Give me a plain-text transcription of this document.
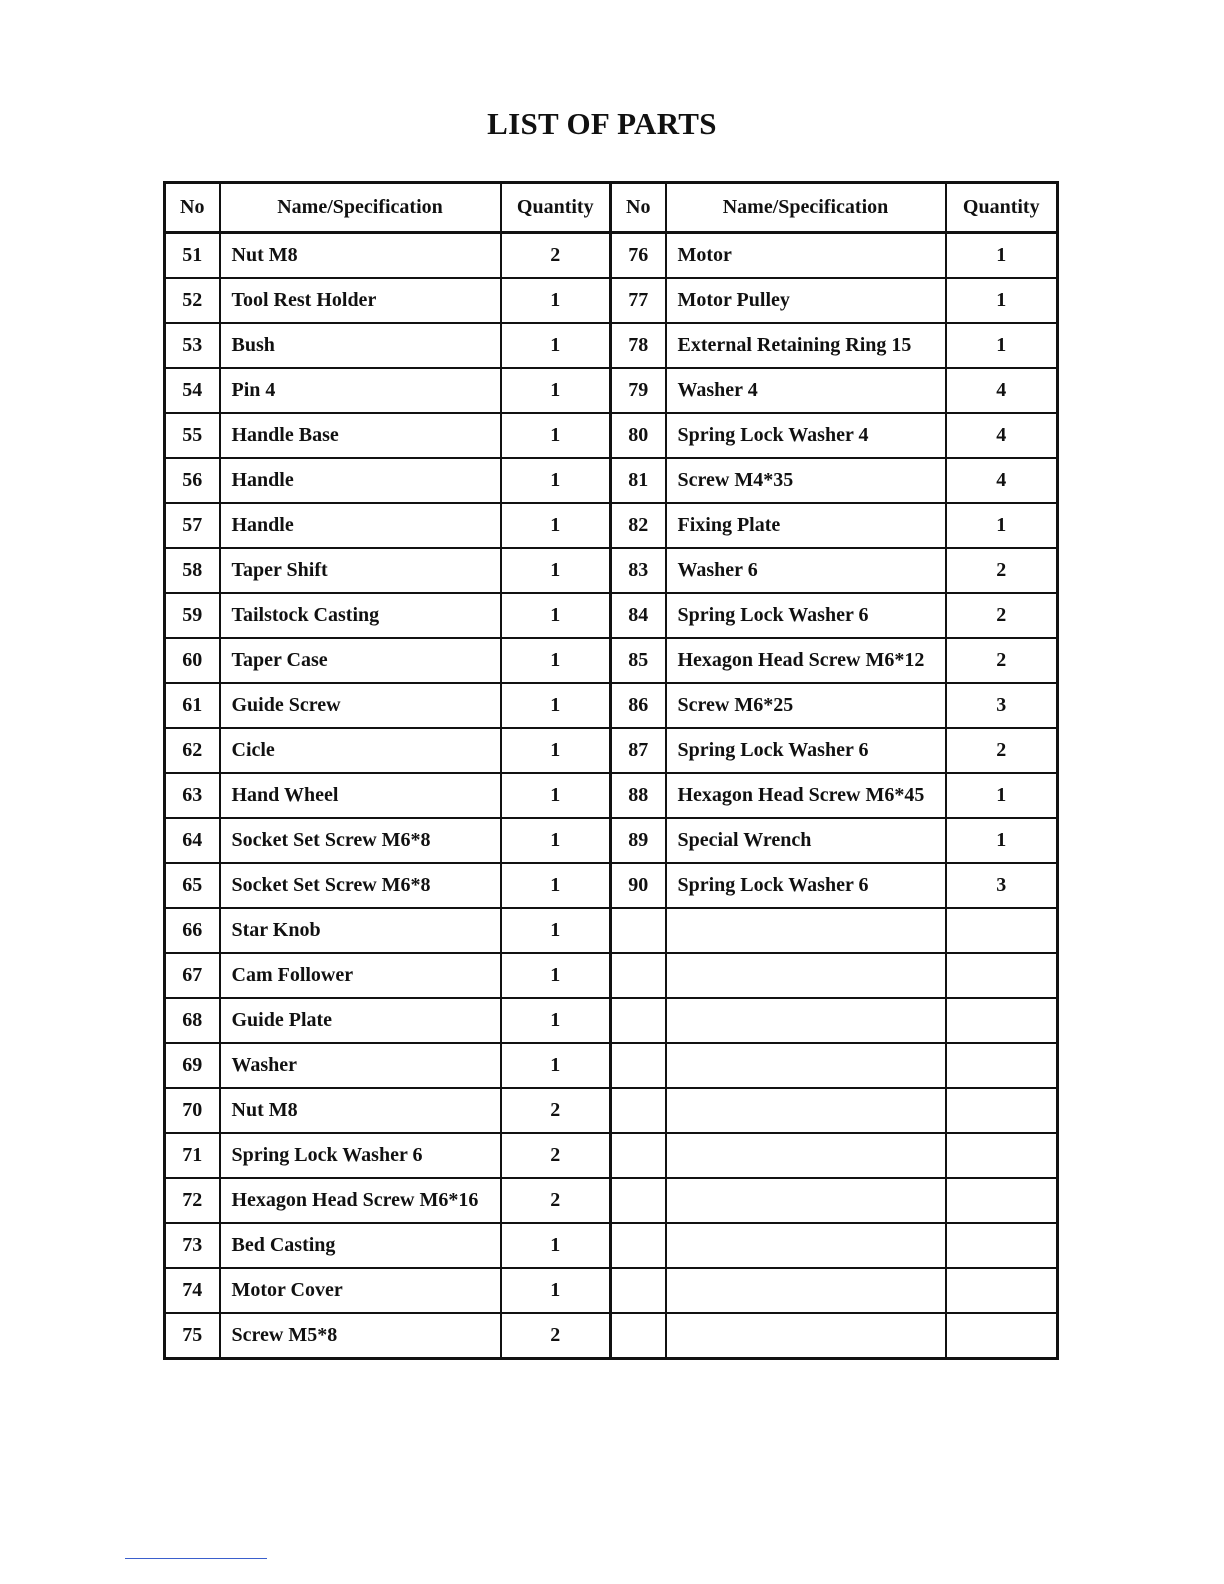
LIST OF PARTS
No	Name/Specification	Quantity	No	Name/Specification	Quantity
51	Nut M8	2	76	Motor	1
52	Tool Rest Holder	1	77	Motor Pulley	1
53	Bush	1	78	External Retaining Ring 15	1
54	Pin 4	1	79	Washer 4	4
55	Handle Base	1	80	Spring Lock Washer 4	4
56	Handle	1	81	Screw M4*35	4
57	Handle	1	82	Fixing Plate	1
58	Taper Shift	1	83	Washer 6	2
59	Tailstock Casting	1	84	Spring Lock Washer 6	2
60	Taper Case	1	85	Hexagon Head Screw M6*12	2
61	Guide Screw	1	86	Screw M6*25	3
62	Cicle	1	87	Spring Lock Washer 6	2
63	Hand Wheel	1	88	Hexagon Head Screw M6*45	1
64	Socket Set Screw M6*8	1	89	Special Wrench	1
65	Socket Set Screw M6*8	1	90	Spring Lock Washer 6	3
66	Star Knob	1			
67	Cam Follower	1			
68	Guide Plate	1			
69	Washer	1			
70	Nut M8	2			
71	Spring Lock Washer 6	2			
72	Hexagon Head Screw M6*16	2			
73	Bed Casting	1			
74	Motor Cover	1			
75	Screw M5*8	2			
